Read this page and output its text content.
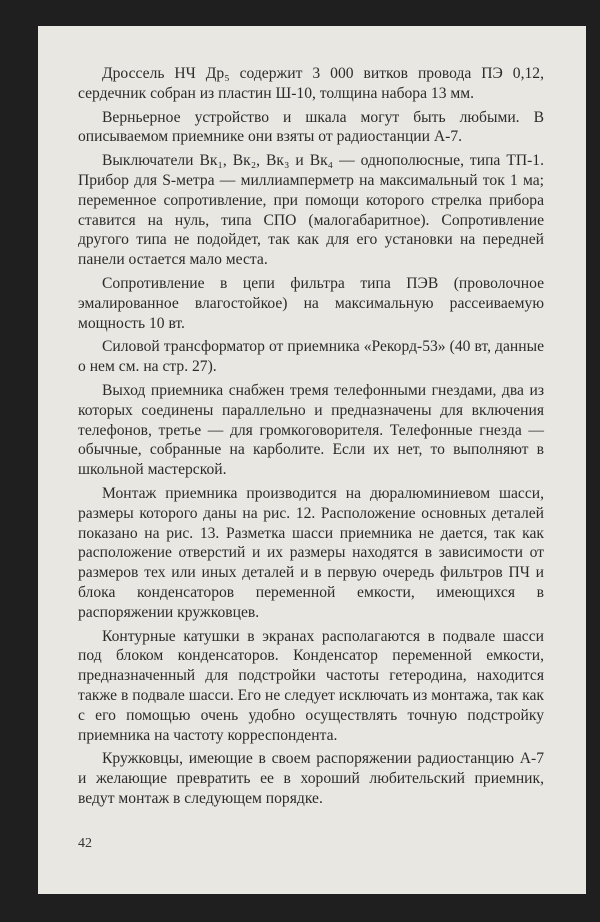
Дроссель НЧ Др₅ содержит 3 000 витков провода ПЭ 0,12, сердечник собран из пластин Ш-10, толщина набора 13 мм.

Верньерное устройство и шкала могут быть любыми. В описываемом приемнике они взяты от радиостанции А-7.

Выключатели Вк₁, Вк₂, Вк₃ и Вк₄ — однополюсные, типа ТП-1. Прибор для S-метра — миллиамперметр на максимальный ток 1 ма; переменное сопротивление, при помощи которого стрелка прибора ставится на нуль, типа СПО (малогабаритное). Сопротивление другого типа не подойдет, так как для его установки на передней панели остается мало места.

Сопротивление в цепи фильтра типа ПЭВ (проволочное эмалированное влагостойкое) на максимальную рассеиваемую мощность 10 вт.

Силовой трансформатор от приемника «Рекорд-53» (40 вт, данные о нем см. на стр. 27).

Выход приемника снабжен тремя телефонными гнездами, два из которых соединены параллельно и предназначены для включения телефонов, третье — для громкоговорителя. Телефонные гнезда — обычные, собранные на карболите. Если их нет, то выполняют в школьной мастерской.

Монтаж приемника производится на дюралюминиевом шасси, размеры которого даны на рис. 12. Расположение основных деталей показано на рис. 13. Разметка шасси приемника не дается, так как расположение отверстий и их размеры находятся в зависимости от размеров тех или иных деталей и в первую очередь фильтров ПЧ и блока конденсаторов переменной емкости, имеющихся в распоряжении кружковцев.

Контурные катушки в экранах располагаются в подвале шасси под блоком конденсаторов. Конденсатор переменной емкости, предназначенный для подстройки частоты гетеродина, находится также в подвале шасси. Его не следует исключать из монтажа, так как с его помощью очень удобно осуществлять точную подстройку приемника на частоту корреспондента.

Кружковцы, имеющие в своем распоряжении радиостанцию А-7 и желающие превратить ее в хороший любительский приемник, ведут монтаж в следующем порядке.

42
